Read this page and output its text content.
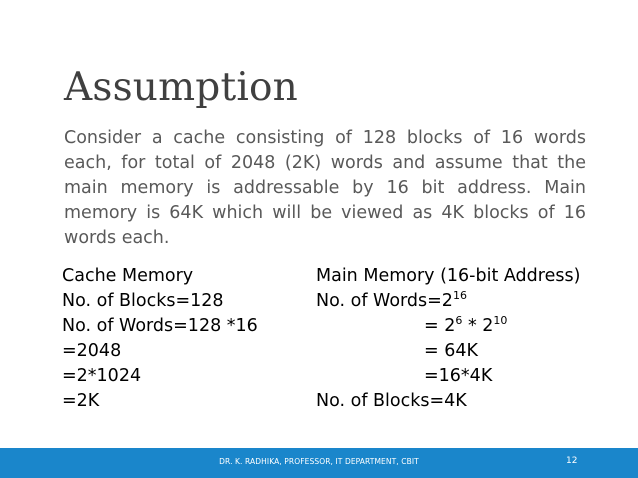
Assumption
Consider a cache consisting of 128 blocks of 16 words each, for total of 2048 (2K) words and assume that the main memory is addressable by 16 bit address. Main memory is 64K which will be viewed as 4K blocks of 16 words each.
Cache Memory
No. of Blocks=128
No. of Words=128 *16
=2048
=2*1024
=2K
Main Memory (16-bit Address)
No. of $Words=2^{16}$
= $2^6 * 2^{10}$
= 64K
=16*4K
No. of Blocks=4K
DR. K. RADHIKA, PROFESSOR, IT DEPARTMENT, CBIT	12
